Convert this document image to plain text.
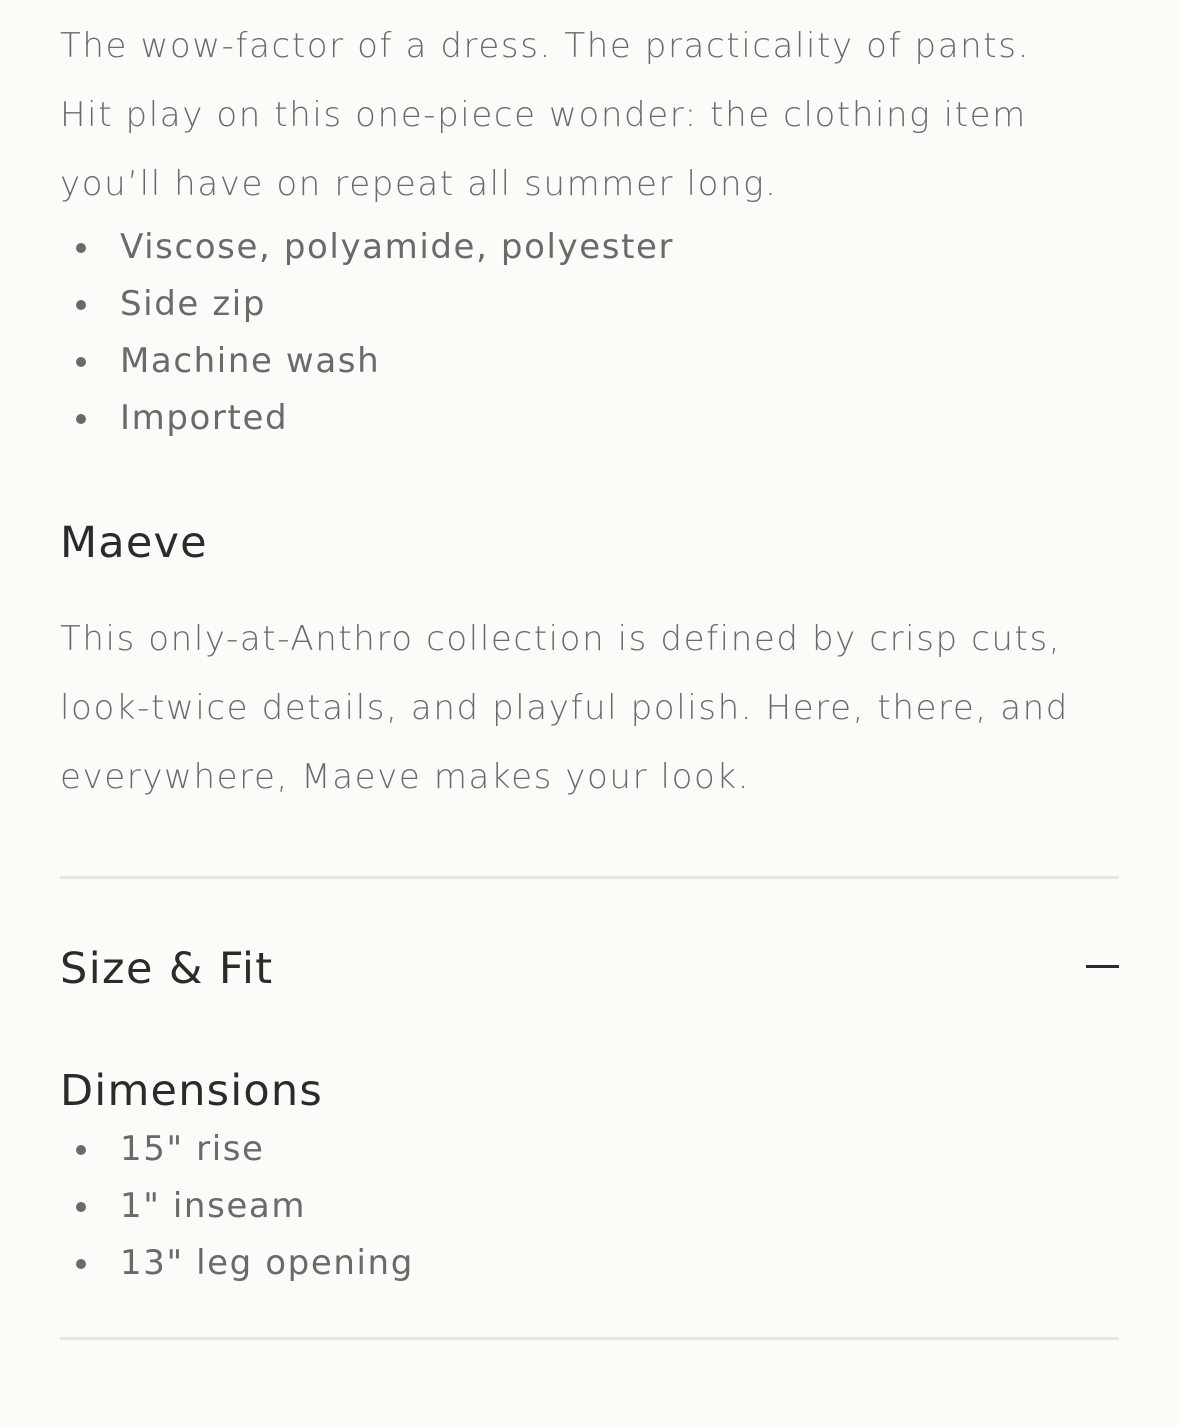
The wow-factor of a dress. The practicality of pants.
Hit play on this one-piece wonder: the clothing item
you’ll have on repeat all summer long.

Viscose, polyamide, polyester
Side zip
Machine wash
Imported
Maeve

This only-at-Anthro collection is defined by crisp cuts,
look-twice details, and playful polish. Here, there, and
everywhere, Maeve makes your look.

Size & Fit
Dimensions
15" rise
1" inseam
13" leg opening
